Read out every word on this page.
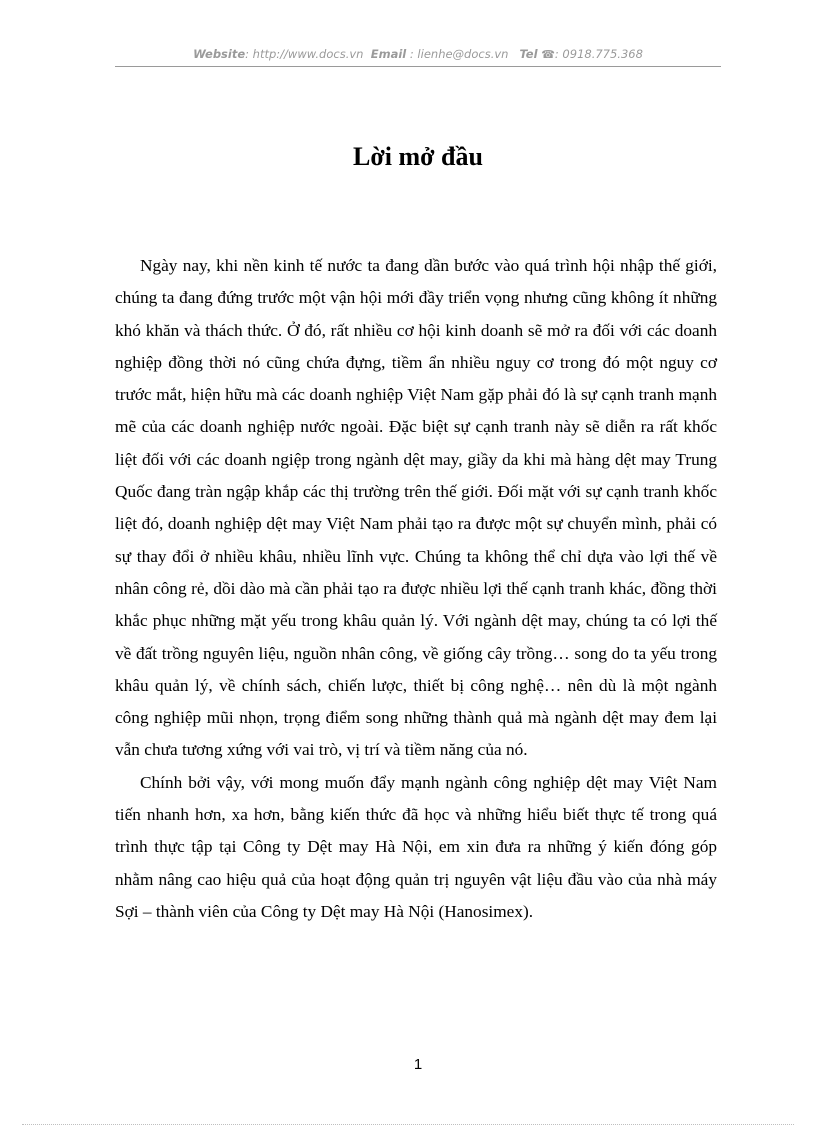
Website: http://www.docs.vn Email : lienhe@docs.vn Tel ☎: 0918.775.368
Lời mở đầu

Ngày nay, khi nền kinh tế nước ta đang dần bước vào quá trình hội nhập thế giới, chúng ta đang đứng trước một vận hội mới đầy triển vọng nhưng cũng không ít những khó khăn và thách thức. Ở đó, rất nhiều cơ hội kinh doanh sẽ mở ra đối với các doanh nghiệp đồng thời nó cũng chứa đựng, tiềm ẩn nhiều nguy cơ trong đó một nguy cơ trước mắt, hiện hữu mà các doanh nghiệp Việt Nam gặp phải đó là sự cạnh tranh mạnh mẽ của các doanh nghiệp nước ngoài. Đặc biệt sự cạnh tranh này sẽ diễn ra rất khốc liệt đối với các doanh ngiệp trong ngành dệt may, giầy da khi mà hàng dệt may Trung Quốc đang tràn ngập khắp các thị trường trên thế giới. Đối mặt với sự cạnh tranh khốc liệt đó, doanh nghiệp dệt may Việt Nam phải tạo ra được một sự chuyển mình, phải có sự thay đổi ở nhiều khâu, nhiều lĩnh vực. Chúng ta không thể chỉ dựa vào lợi thế về nhân công rẻ, dồi dào mà cần phải tạo ra được nhiều lợi thế cạnh tranh khác, đồng thời khắc phục những mặt yếu trong khâu quản lý. Với ngành dệt may, chúng ta có lợi thế về đất trồng nguyên liệu, nguồn nhân công, về giống cây trồng… song do ta yếu trong khâu quản lý, về chính sách, chiến lược, thiết bị công nghệ… nên dù là một ngành công nghiệp mũi nhọn, trọng điểm song những thành quả mà ngành dệt may đem lại vẫn chưa tương xứng với vai trò, vị trí và tiềm năng của nó.

Chính bởi vậy, với mong muốn đẩy mạnh ngành công nghiệp dệt may Việt Nam tiến nhanh hơn, xa hơn, bằng kiến thức đã học và những hiểu biết thực tế trong quá trình thực tập tại Công ty Dệt may Hà Nội, em xin đưa ra những ý kiến đóng góp nhằm nâng cao hiệu quả của hoạt động quản trị nguyên vật liệu đầu vào của nhà máy Sợi – thành viên của Công ty Dệt may Hà Nội (Hanosimex).

1
